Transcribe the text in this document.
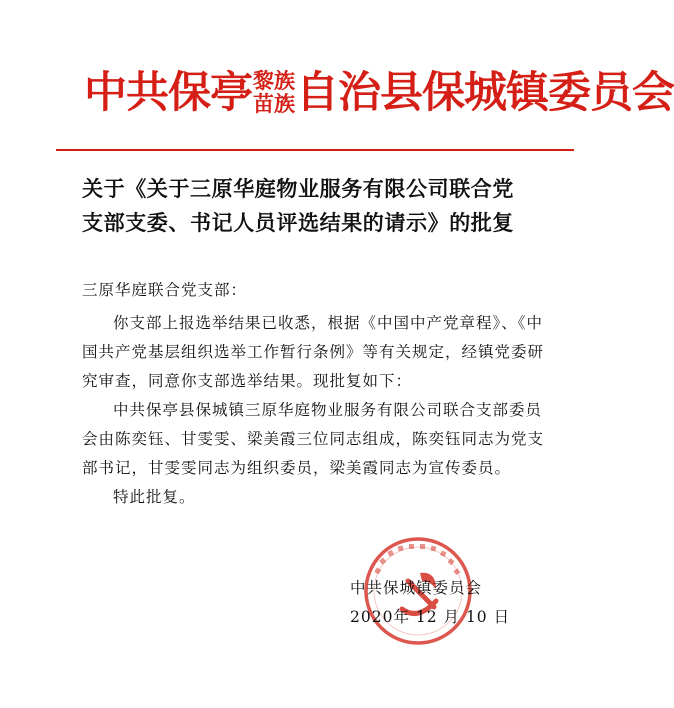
中共保亭 黎族
苗族 自治县保城镇委员会
关于《关于三原华庭物业服务有限公司联合党
支部支委、书记人员评选结果的请示》的批复

三原华庭联合党支部：

你支部上报选举结果已收悉，根据《中国中产党章程》、《中国共产党基层组织选举工作暂行条例》等有关规定，经镇党委研究审查，同意你支部选举结果。现批复如下：

中共保亭县保城镇三原华庭物业服务有限公司联合支部委员会由陈奕钰、甘雯雯、梁美霞三位同志组成，陈奕钰同志为党支部书记，甘雯雯同志为组织委员，梁美霞同志为宣传委员。

特此批复。

中共保城镇委员会
2020年 12 月 10 日
